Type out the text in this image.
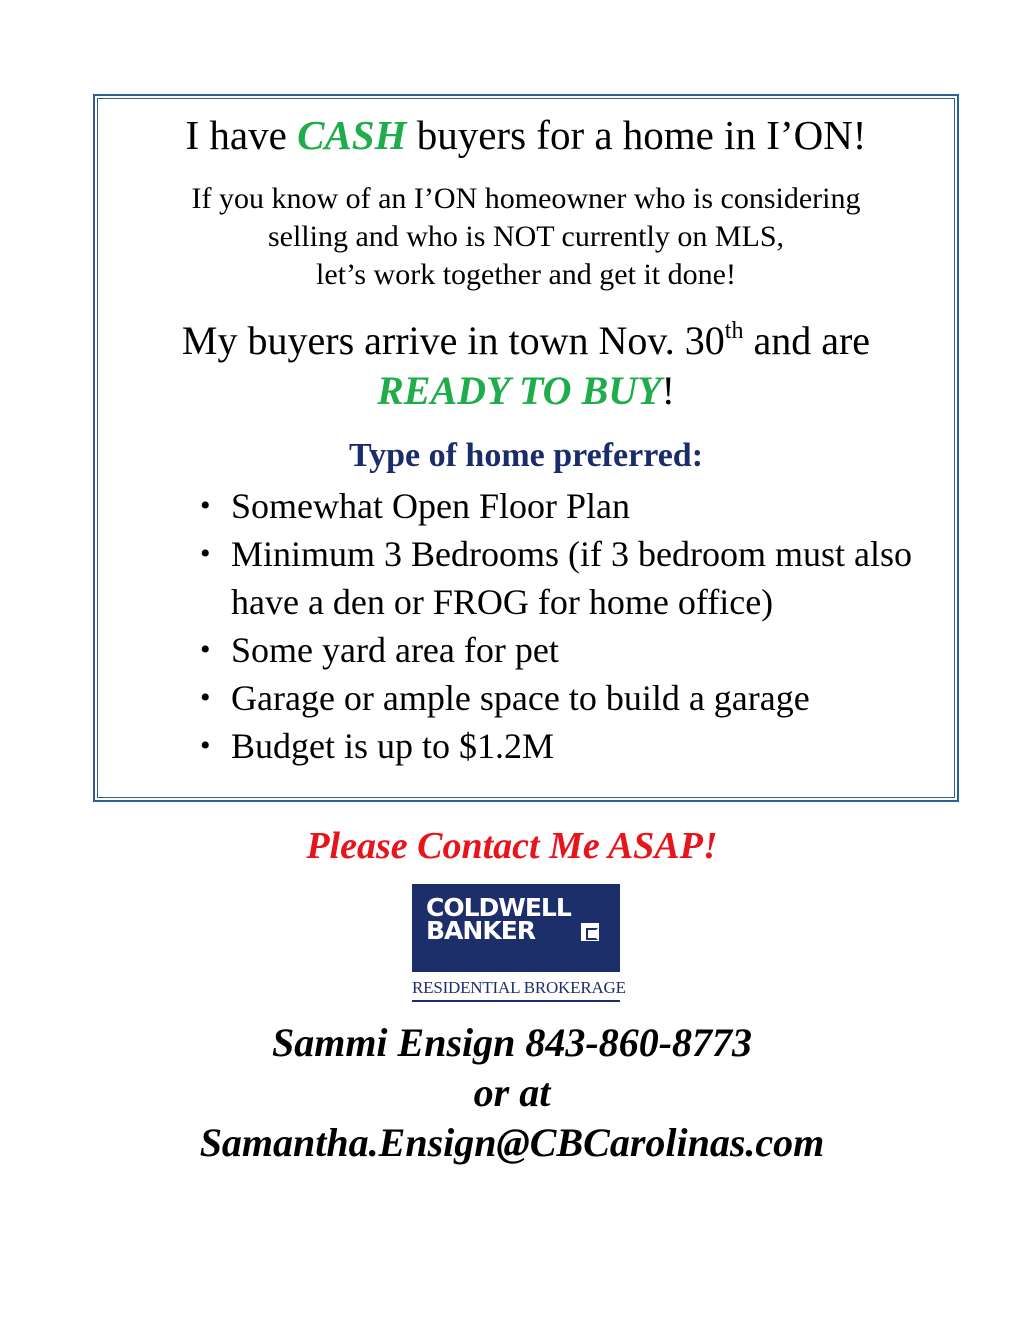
I have CASH buyers for a home in I’ON!

If you know of an I’ON homeowner who is considering
selling and who is NOT currently on MLS,
let’s work together and get it done!

My buyers arrive in town Nov. 30th and are
READY TO BUY!

Type of home preferred:

• Somewhat Open Floor Plan
• Minimum 3 Bedrooms (if 3 bedroom must also have a den or FROG for home office)
• Some yard area for pet
• Garage or ample space to build a garage
• Budget is up to $1.2M

Please Contact Me ASAP!

COLDWELL
BANKER
RESIDENTIAL BROKERAGE

Sammi Ensign 843-860-8773
or at
Samantha.Ensign@CBCarolinas.com
